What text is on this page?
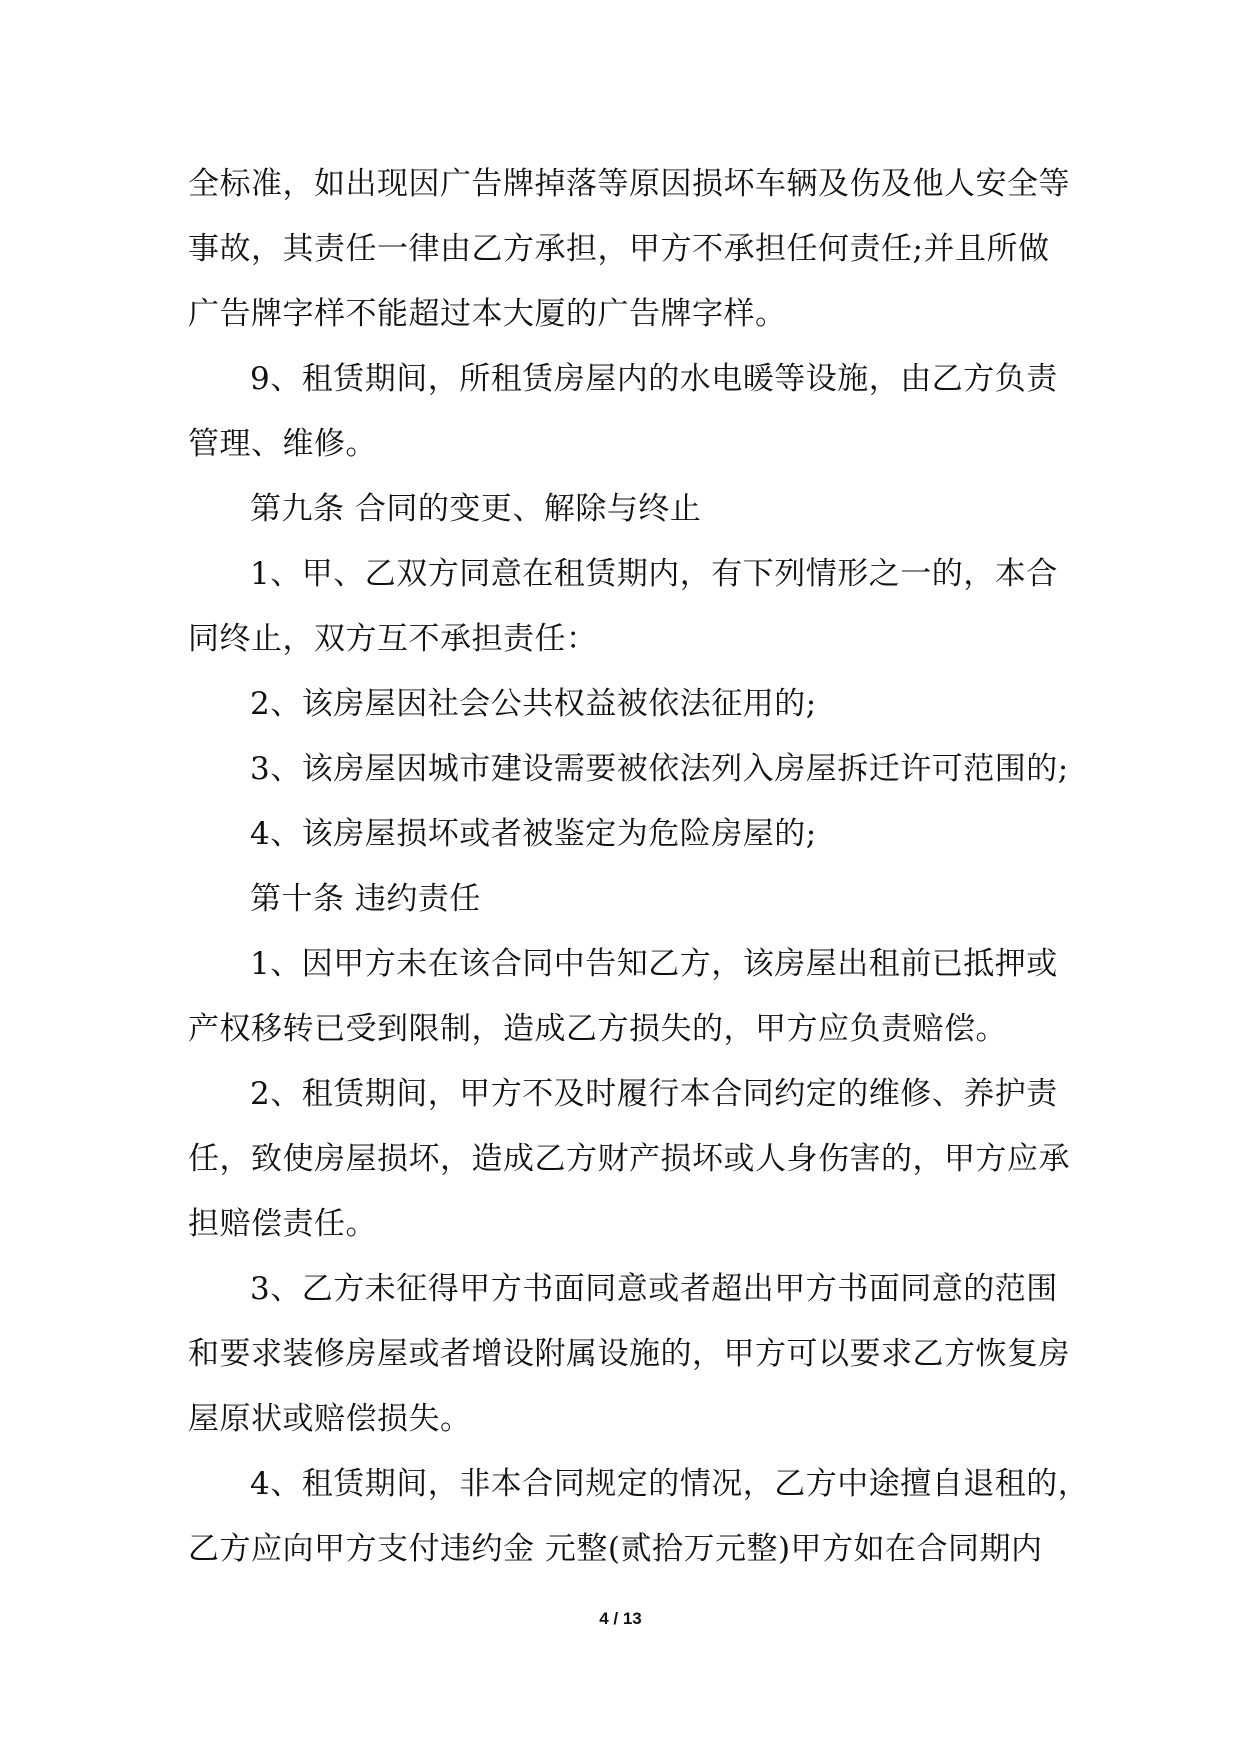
全标准，如出现因广告牌掉落等原因损坏车辆及伤及他人安全等

事故，其责任一律由乙方承担，甲方不承担任何责任;并且所做

广告牌字样不能超过本大厦的广告牌字样。

9、租赁期间，所租赁房屋内的水电暖等设施，由乙方负责

管理、维修。

第九条 合同的变更、解除与终止

1、甲、乙双方同意在租赁期内，有下列情形之一的，本合

同终止，双方互不承担责任：

2、该房屋因社会公共权益被依法征用的;

3、该房屋因城市建设需要被依法列入房屋拆迁许可范围的;

4、该房屋损坏或者被鉴定为危险房屋的;

第十条 违约责任

1、因甲方未在该合同中告知乙方，该房屋出租前已抵押或

产权移转已受到限制，造成乙方损失的，甲方应负责赔偿。

2、租赁期间，甲方不及时履行本合同约定的维修、养护责

任，致使房屋损坏，造成乙方财产损坏或人身伤害的，甲方应承

担赔偿责任。

3、乙方未征得甲方书面同意或者超出甲方书面同意的范围

和要求装修房屋或者增设附属设施的，甲方可以要求乙方恢复房

屋原状或赔偿损失。

4、租赁期间，非本合同规定的情况，乙方中途擅自退租的，

乙方应向甲方支付违约金 元整(贰拾万元整)甲方如在合同期内

4 / 13
